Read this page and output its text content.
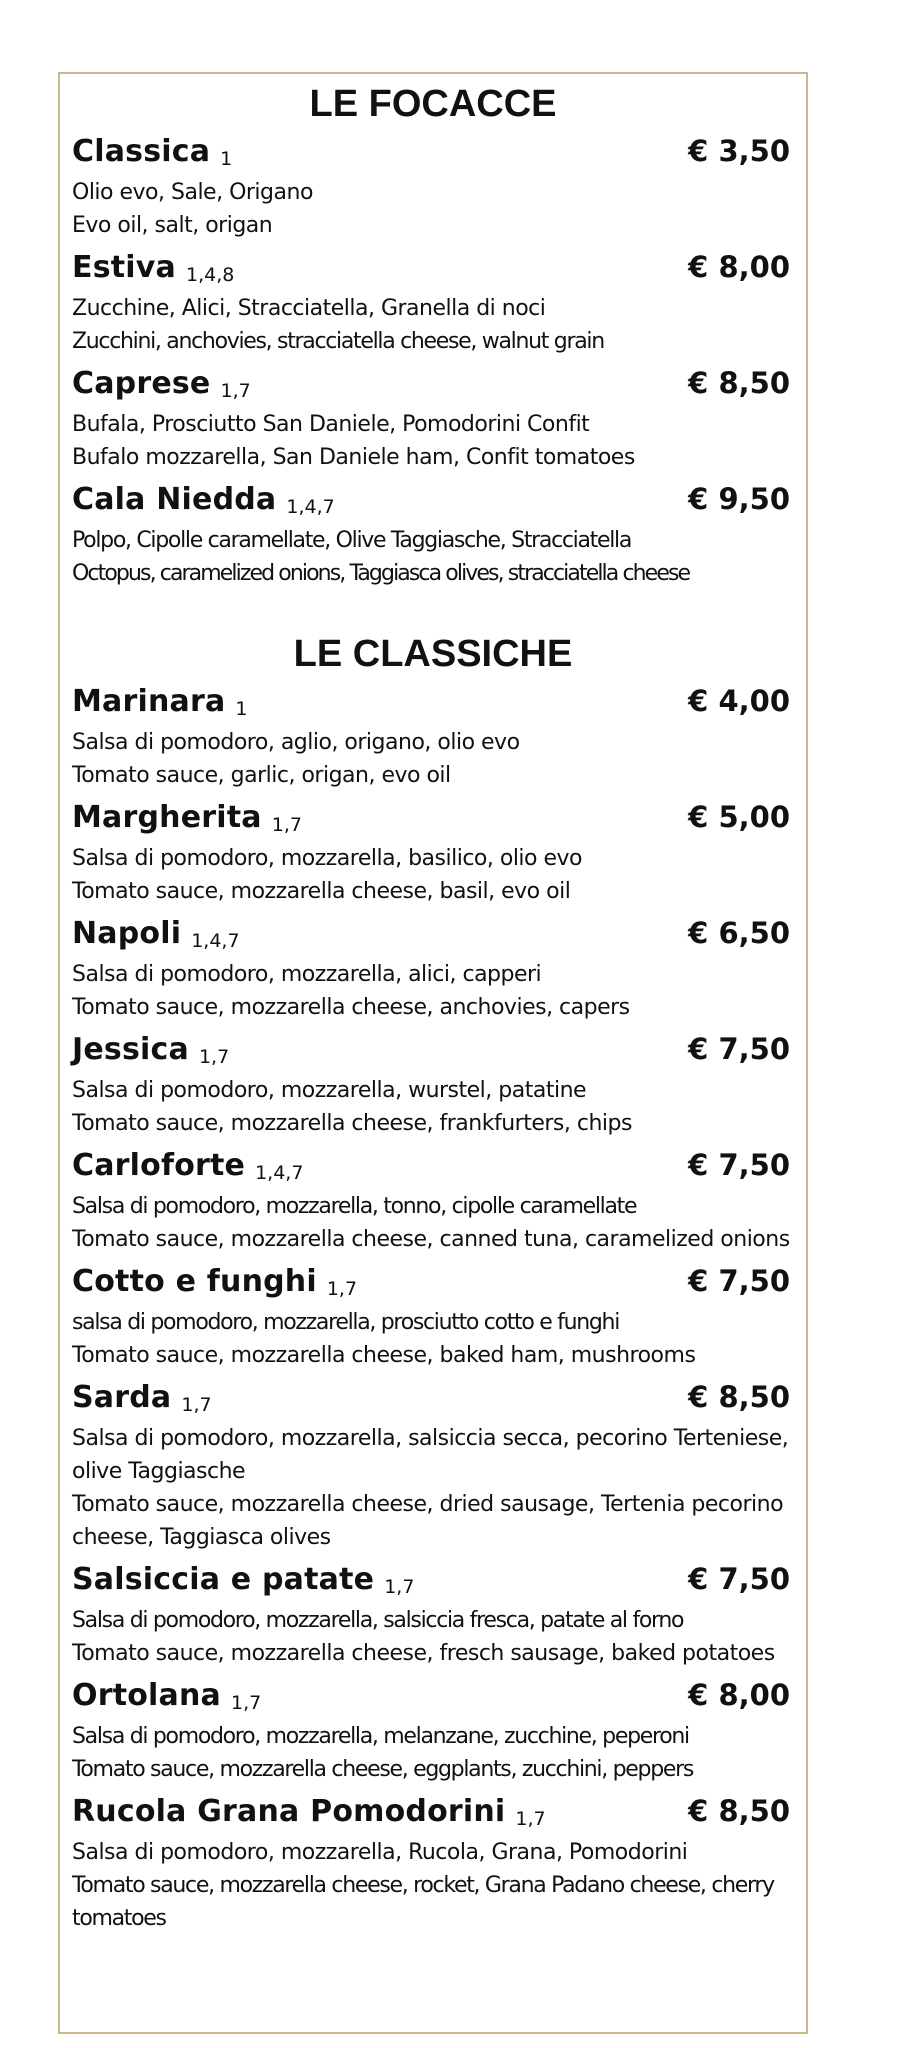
LE FOCACCE
Classica 1	€ 3,50

Olio evo, Sale, Origano

Evo oil, salt, origan

Estiva 1,4,8	€ 8,00

Zucchine, Alici, Stracciatella, Granella di noci

Zucchini, anchovies, stracciatella cheese, walnut grain

Caprese 1,7	€ 8,50

Bufala, Prosciutto San Daniele, Pomodorini Confit

Bufalo mozzarella, San Daniele ham, Confit tomatoes

Cala Niedda 1,4,7	€ 9,50

Polpo, Cipolle caramellate, Olive Taggiasche, Stracciatella

Octopus, caramelized onions, Taggiasca olives, stracciatella cheese

LE CLASSICHE
Marinara 1	€ 4,00

Salsa di pomodoro, aglio, origano, olio evo

Tomato sauce, garlic, origan, evo oil

Margherita 1,7	€ 5,00

Salsa di pomodoro, mozzarella, basilico, olio evo

Tomato sauce, mozzarella cheese, basil, evo oil

Napoli 1,4,7	€ 6,50

Salsa di pomodoro, mozzarella, alici, capperi

Tomato sauce, mozzarella cheese, anchovies, capers

Jessica 1,7	€ 7,50

Salsa di pomodoro, mozzarella, wurstel, patatine

Tomato sauce, mozzarella cheese, frankfurters, chips

Carloforte 1,4,7	€ 7,50

Salsa di pomodoro, mozzarella, tonno, cipolle caramellate

Tomato sauce, mozzarella cheese, canned tuna, caramelized onions

Cotto e funghi 1,7	€ 7,50

salsa di pomodoro, mozzarella, prosciutto cotto e funghi

Tomato sauce, mozzarella cheese, baked ham, mushrooms

Sarda 1,7	€ 8,50

Salsa di pomodoro, mozzarella, salsiccia secca, pecorino Terteniese, olive Taggiasche

Tomato sauce, mozzarella cheese, dried sausage, Tertenia pecorino cheese, Taggiasca olives

Salsiccia e patate 1,7	€ 7,50

Salsa di pomodoro, mozzarella, salsiccia fresca, patate al forno

Tomato sauce, mozzarella cheese, fresch sausage, baked potatoes

Ortolana 1,7	€ 8,00

Salsa di pomodoro, mozzarella, melanzane, zucchine, peperoni

Tomato sauce, mozzarella cheese, eggplants, zucchini, peppers

Rucola Grana Pomodorini 1,7	€ 8,50

Salsa di pomodoro, mozzarella, Rucola, Grana, Pomodorini

Tomato sauce, mozzarella cheese, rocket, Grana Padano cheese, cherry tomatoes
